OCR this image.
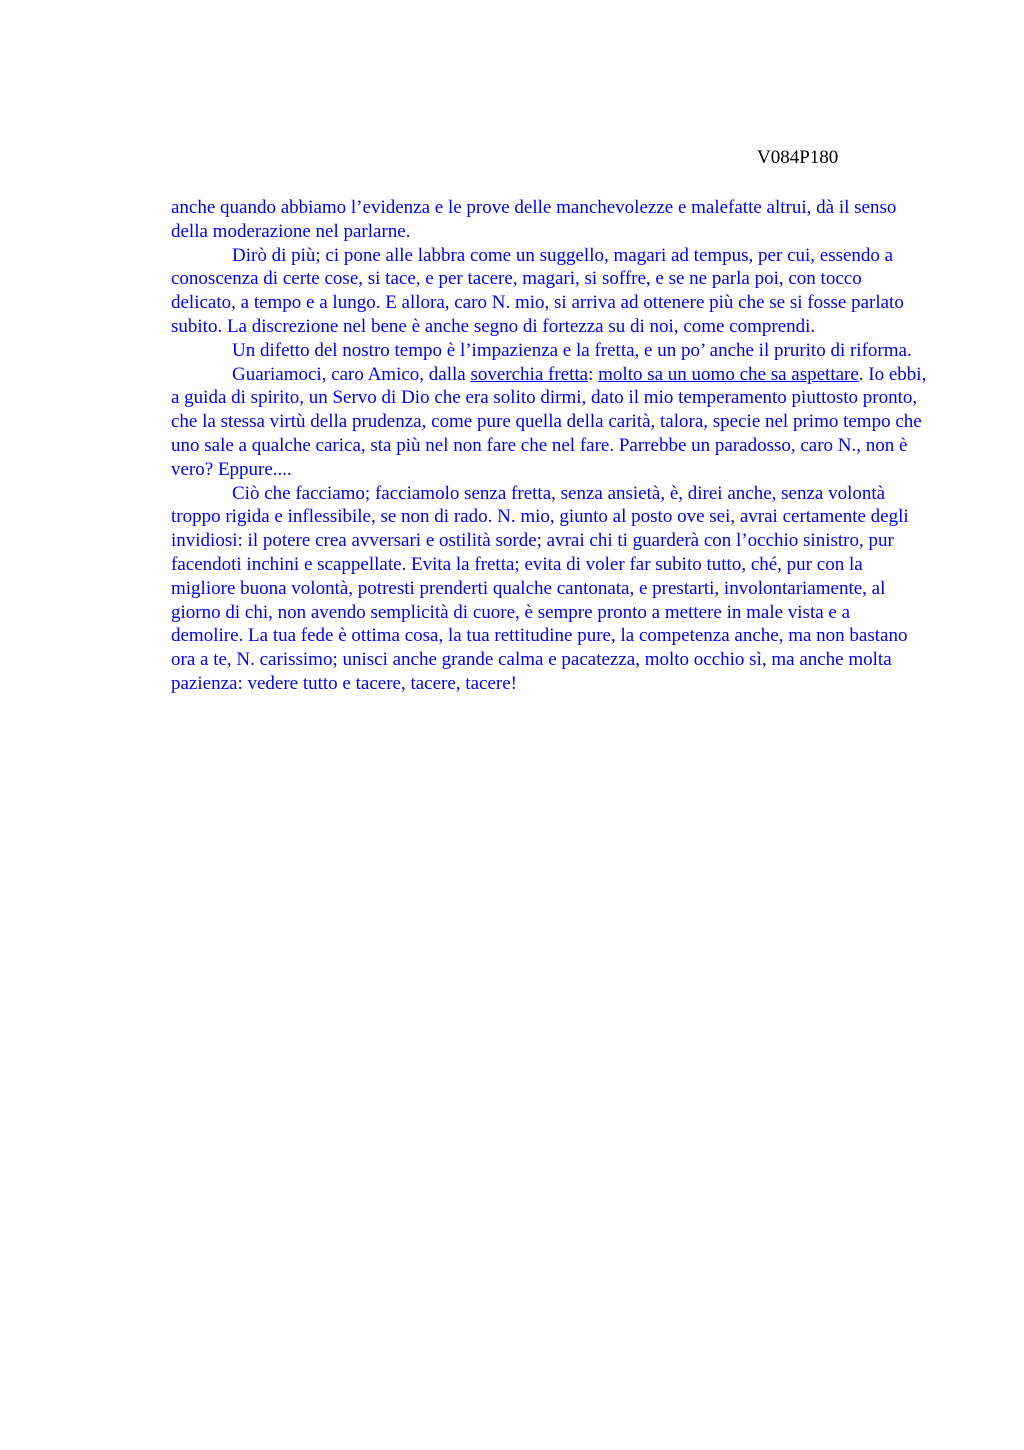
V084P180

anche quando abbiamo l’evidenza e le prove delle manchevolezze e malefatte altrui, dà il senso della moderazione nel parlarne.

Dirò di più; ci pone alle labbra come un suggello, magari ad tempus, per cui, essendo a conoscenza di certe cose, si tace, e per tacere, magari, si soffre, e se ne parla poi, con tocco delicato, a tempo e a lungo. E allora, caro N. mio, si arriva ad ottenere più che se si fosse parlato subito. La discrezione nel bene è anche segno di fortezza su di noi, come comprendi.

Un difetto del nostro tempo è l’impazienza e la fretta, e un po’ anche il prurito di riforma.

Guariamoci, caro Amico, dalla soverchia fretta: molto sa un uomo che sa aspettare. Io ebbi, a guida di spirito, un Servo di Dio che era solito dirmi, dato il mio temperamento piuttosto pronto, che la stessa virtù della prudenza, come pure quella della carità, talora, specie nel primo tempo che uno sale a qualche carica, sta più nel non fare che nel fare. Parrebbe un paradosso, caro N., non è vero? Eppure....

Ciò che facciamo; facciamolo senza fretta, senza ansietà, è, direi anche, senza volontà troppo rigida e inflessibile, se non di rado. N. mio, giunto al posto ove sei, avrai certamente degli invidiosi: il potere crea avversari e ostilità sorde; avrai chi ti guarderà con l’occhio sinistro, pur facendoti inchini e scappellate. Evita la fretta; evita di voler far subito tutto, ché, pur con la migliore buona volontà, potresti prenderti qualche cantonata, e prestarti, involontariamente, al giorno di chi, non avendo semplicità di cuore, è sempre pronto a mettere in male vista e a demolire. La tua fede è ottima cosa, la tua rettitudine pure, la competenza anche, ma non bastano ora a te, N. carissimo; unisci anche grande calma e pacatezza, molto occhio sì, ma anche molta pazienza: vedere tutto e tacere, tacere, tacere!
